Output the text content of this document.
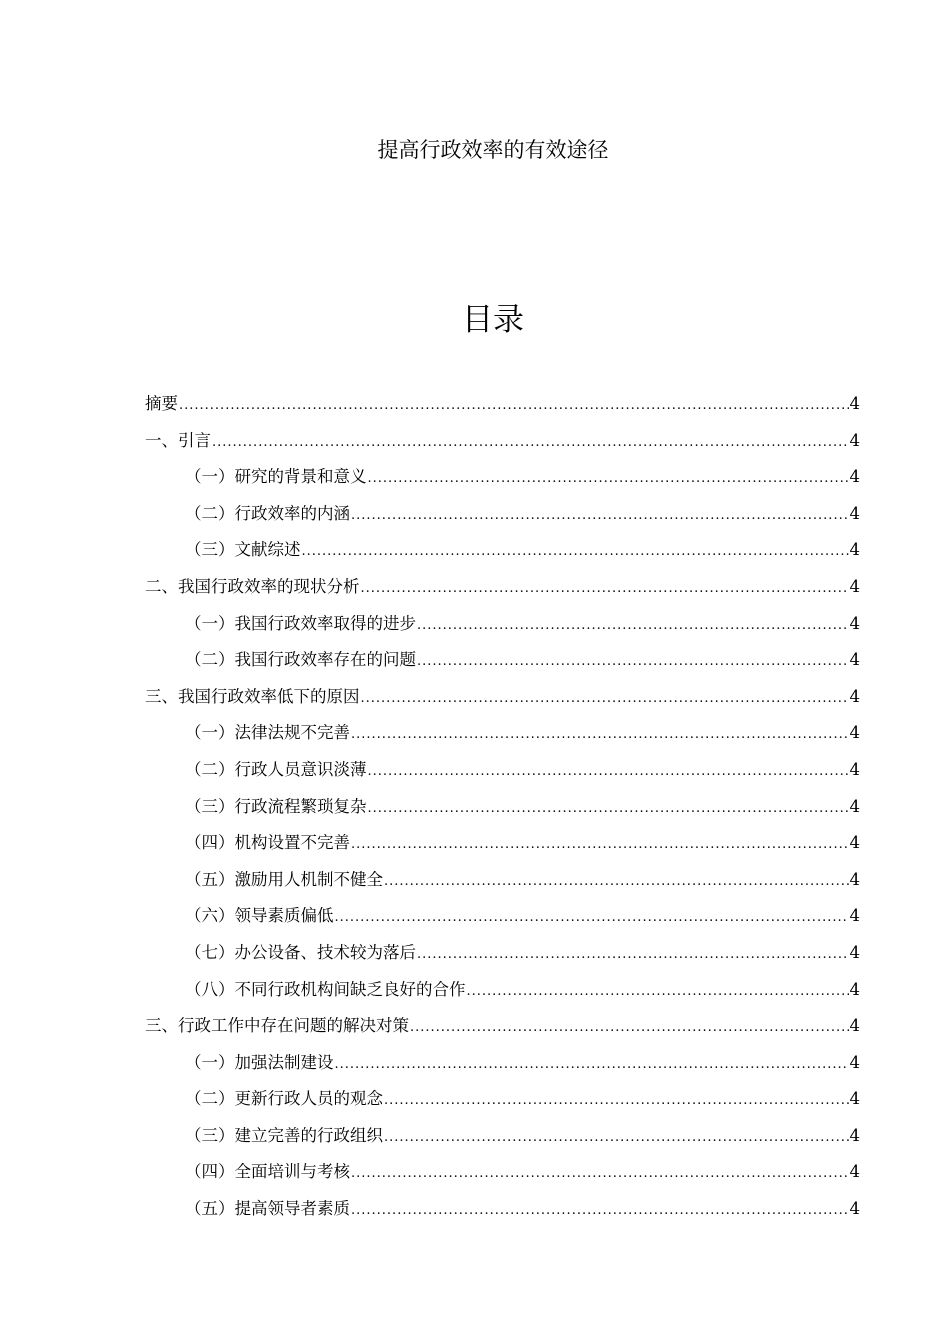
提高行政效率的有效途径
目录
摘要 .....	4
一、引言 .....	4
（一）研究的背景和意义 .....	4
（二）行政效率的内涵 .....	4
（三）文献综述 .....	4
二、我国行政效率的现状分析 .....	4
（一）我国行政效率取得的进步 .....	4
（二）我国行政效率存在的问题 .....	4
三、我国行政效率低下的原因 .....	4
（一）法律法规不完善 .....	4
（二）行政人员意识淡薄 .....	4
（三）行政流程繁琐复杂 .....	4
（四）机构设置不完善 .....	4
（五）激励用人机制不健全 .....	4
（六）领导素质偏低 .....	4
（七）办公设备、技术较为落后 .....	4
（八）不同行政机构间缺乏良好的合作 .....	4
三、行政工作中存在问题的解决对策 .....	4
（一）加强法制建设 .....	4
（二）更新行政人员的观念 .....	4
（三）建立完善的行政组织 .....	4
（四）全面培训与考核 .....	4
（五）提高领导者素质 .....	4
